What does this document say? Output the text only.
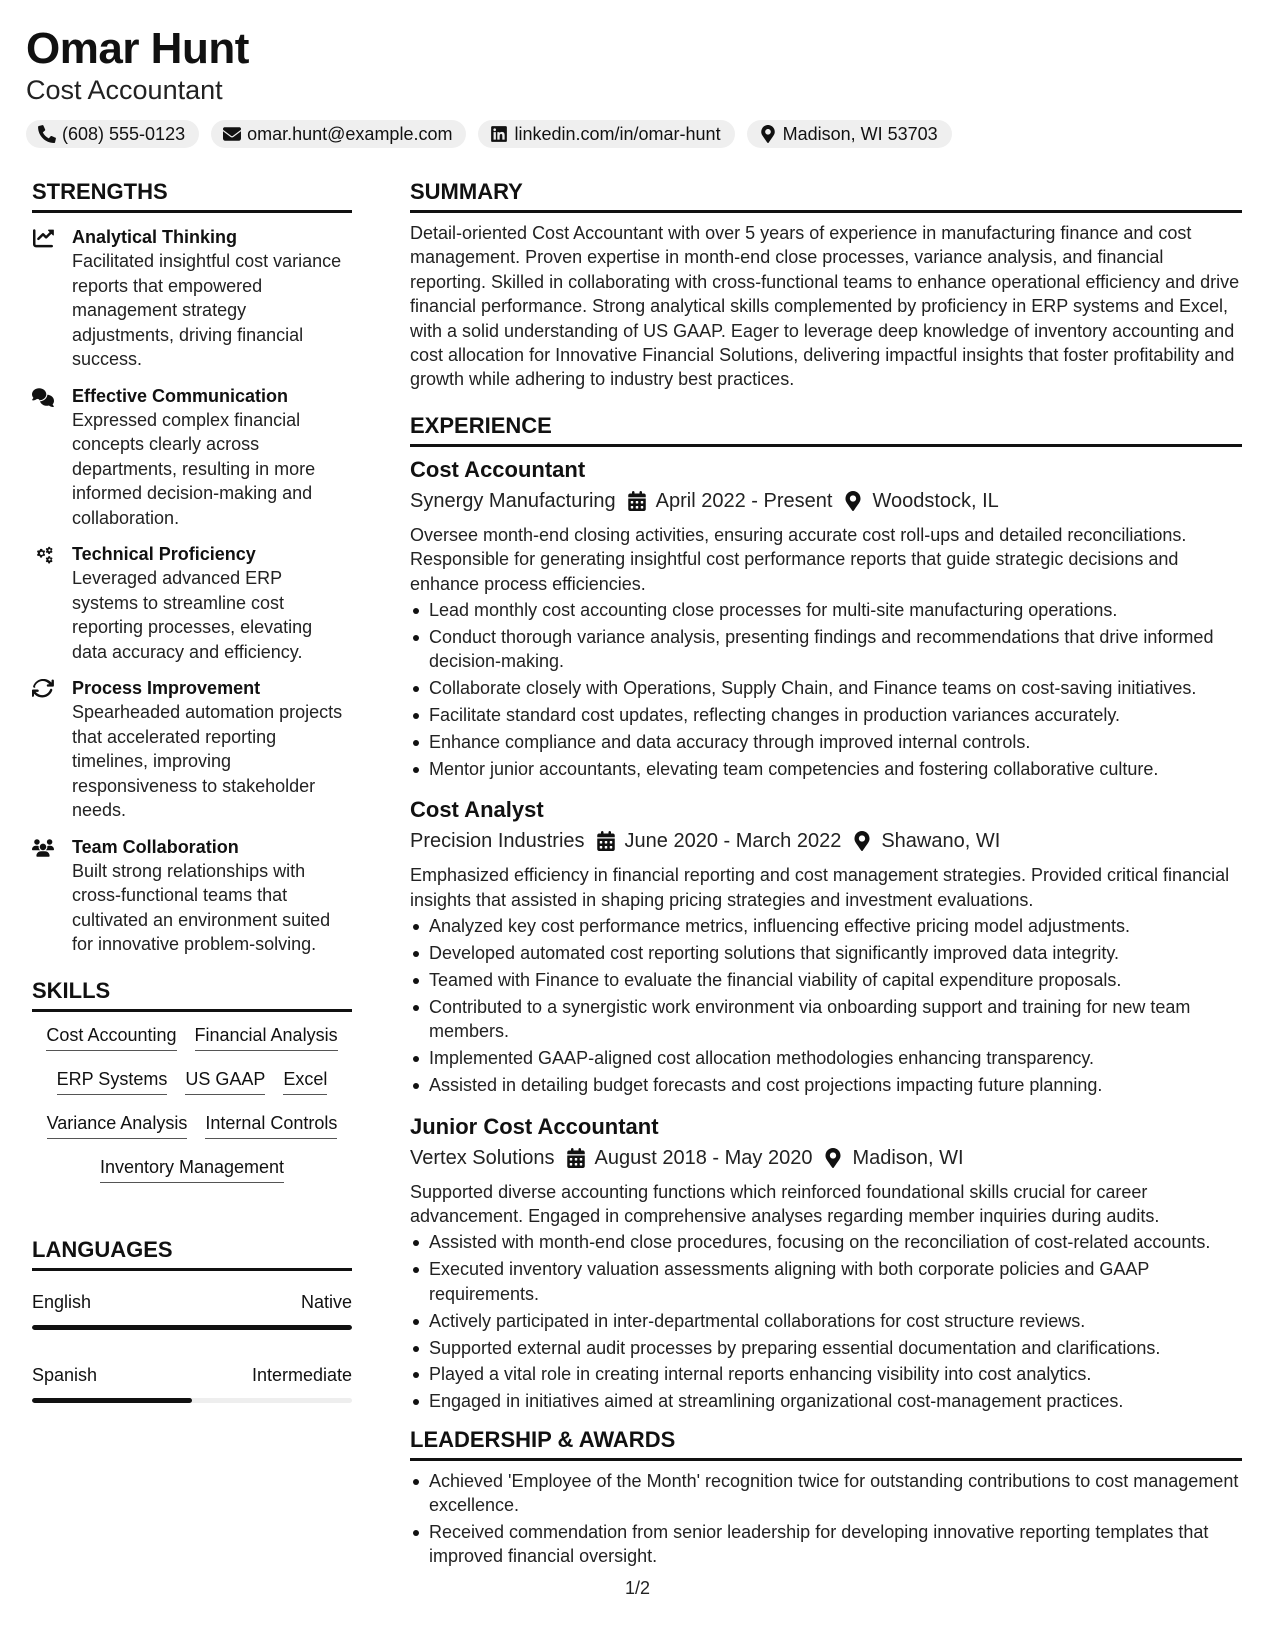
Omar Hunt
Cost Accountant
(608) 555-0123	omar.hunt@example.com	linkedin.com/in/omar-hunt	Madison, WI 53703
STRENGTHS
Analytical Thinking
Facilitated insightful cost variance reports that empowered management strategy adjustments, driving financial success.
Effective Communication
Expressed complex financial concepts clearly across departments, resulting in more informed decision-making and collaboration.
Technical Proficiency
Leveraged advanced ERP systems to streamline cost reporting processes, elevating data accuracy and efficiency.
Process Improvement
Spearheaded automation projects that accelerated reporting timelines, improving responsiveness to stakeholder needs.
Team Collaboration
Built strong relationships with cross-functional teams that cultivated an environment suited for innovative problem-solving.
SKILLS
Cost Accounting Financial Analysis
ERP Systems US GAAP Excel
Variance Analysis Internal Controls
Inventory Management
LANGUAGES
English	Native
Spanish	Intermediate
SUMMARY
Detail-oriented Cost Accountant with over 5 years of experience in manufacturing finance and cost management. Proven expertise in month-end close processes, variance analysis, and financial reporting. Skilled in collaborating with cross-functional teams to enhance operational efficiency and drive financial performance. Strong analytical skills complemented by proficiency in ERP systems and Excel, with a solid understanding of US GAAP. Eager to leverage deep knowledge of inventory accounting and cost allocation for Innovative Financial Solutions, delivering impactful insights that foster profitability and growth while adhering to industry best practices.
EXPERIENCE
Cost Accountant
Synergy Manufacturing April 2022 - Present Woodstock, IL
Oversee month-end closing activities, ensuring accurate cost roll-ups and detailed reconciliations. Responsible for generating insightful cost performance reports that guide strategic decisions and enhance process efficiencies.
Lead monthly cost accounting close processes for multi-site manufacturing operations.
Conduct thorough variance analysis, presenting findings and recommendations that drive informed decision-making.
Collaborate closely with Operations, Supply Chain, and Finance teams on cost-saving initiatives.
Facilitate standard cost updates, reflecting changes in production variances accurately.
Enhance compliance and data accuracy through improved internal controls.
Mentor junior accountants, elevating team competencies and fostering collaborative culture.
Cost Analyst
Precision Industries June 2020 - March 2022 Shawano, WI
Emphasized efficiency in financial reporting and cost management strategies. Provided critical financial insights that assisted in shaping pricing strategies and investment evaluations.
Analyzed key cost performance metrics, influencing effective pricing model adjustments.
Developed automated cost reporting solutions that significantly improved data integrity.
Teamed with Finance to evaluate the financial viability of capital expenditure proposals.
Contributed to a synergistic work environment via onboarding support and training for new team members.
Implemented GAAP-aligned cost allocation methodologies enhancing transparency.
Assisted in detailing budget forecasts and cost projections impacting future planning.
Junior Cost Accountant
Vertex Solutions August 2018 - May 2020 Madison, WI
Supported diverse accounting functions which reinforced foundational skills crucial for career advancement. Engaged in comprehensive analyses regarding member inquiries during audits.
Assisted with month-end close procedures, focusing on the reconciliation of cost-related accounts.
Executed inventory valuation assessments aligning with both corporate policies and GAAP requirements.
Actively participated in inter-departmental collaborations for cost structure reviews.
Supported external audit processes by preparing essential documentation and clarifications.
Played a vital role in creating internal reports enhancing visibility into cost analytics.
Engaged in initiatives aimed at streamlining organizational cost-management practices.
LEADERSHIP & AWARDS
Achieved 'Employee of the Month' recognition twice for outstanding contributions to cost management excellence.
Received commendation from senior leadership for developing innovative reporting templates that improved financial oversight.
1/2
